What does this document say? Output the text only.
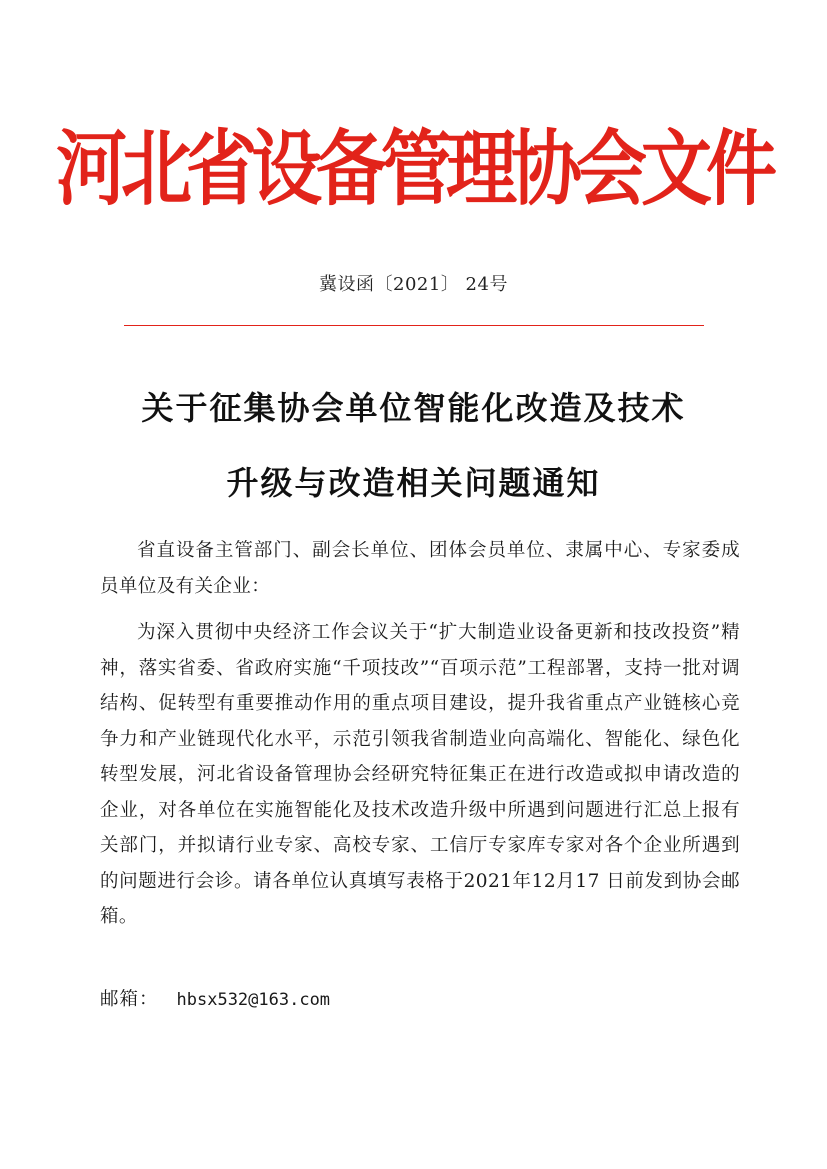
河北省设备管理协会文件
冀设函〔2021〕 24号
关于征集协会单位智能化改造及技术
升级与改造相关问题通知
省直设备主管部门、副会长单位、团体会员单位、隶属中心、专家委成员单位及有关企业：
为深入贯彻中央经济工作会议关于“扩大制造业设备更新和技改投资”精神，落实省委、省政府实施“千项技改”“百项示范”工程部署，支持一批对调结构、促转型有重要推动作用的重点项目建设，提升我省重点产业链核心竞争力和产业链现代化水平，示范引领我省制造业向高端化、智能化、绿色化转型发展，河北省设备管理协会经研究特征集正在进行改造或拟申请改造的企业，对各单位在实施智能化及技术改造升级中所遇到问题进行汇总上报有关部门，并拟请行业专家、高校专家、工信厅专家库专家对各个企业所遇到的问题进行会诊。请各单位认真填写表格于2021年12月17 日前发到协会邮箱。
邮箱： hbsx532@163.com
